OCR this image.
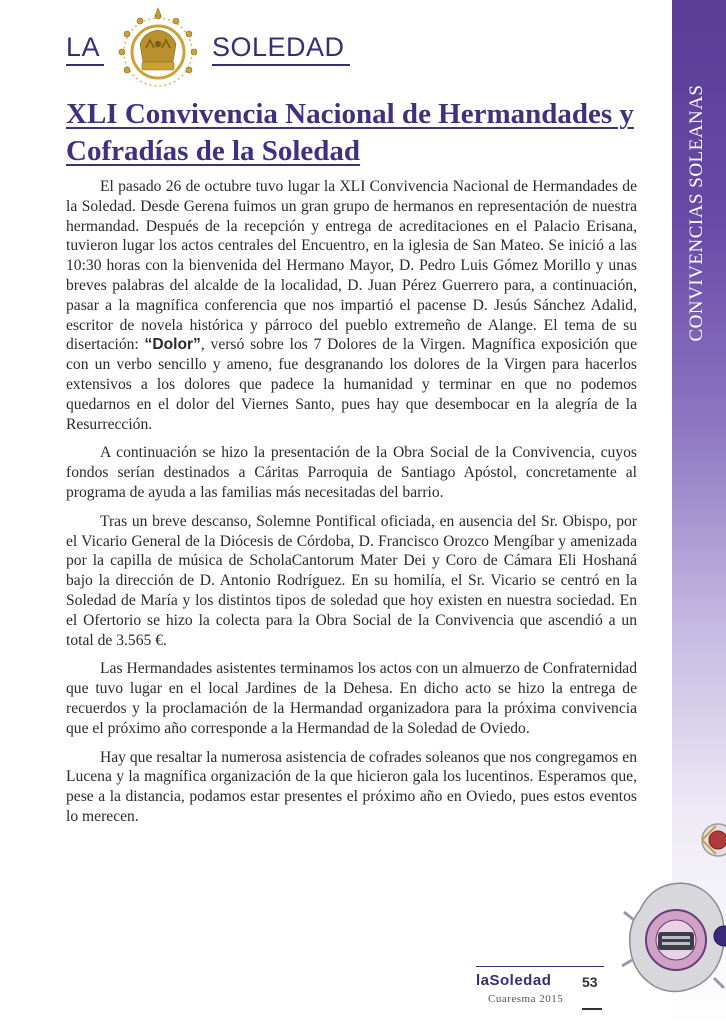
CONVIVENCIAS SOLEANAS
LA	SOLEDAD
XLI Convivencia Nacional de Hermandades y Cofradías de la Soledad

El pasado 26 de octubre tuvo lugar la XLI Convivencia Nacional de Hermandades de la Soledad. Desde Gerena fuimos un gran grupo de hermanos en representación de nuestra hermandad. Después de la recepción y entrega de acreditaciones en el Palacio Erisana, tuvieron lugar los actos centrales del Encuentro, en la iglesia de San Mateo. Se inició a las 10:30 horas con la bienvenida del Hermano Mayor, D. Pedro Luis Gómez Morillo y unas breves palabras del alcalde de la localidad, D. Juan Pérez Guerrero para, a continuación, pasar a la magnífica conferencia que nos impartió el pacense D. Jesús Sánchez Adalid, escritor de novela histórica y párroco del pueblo extremeño de Alange. El tema de su disertación: “Dolor”, versó sobre los 7 Dolores de la Virgen. Magnífica exposición que con un verbo sencillo y ameno, fue desgranando los dolores de la Virgen para hacerlos extensivos a los dolores que padece la humanidad y terminar en que no podemos quedarnos en el dolor del Viernes Santo, pues hay que desembocar en la alegría de la Resurrección.

A continuación se hizo la presentación de la Obra Social de la Convivencia, cuyos fondos serían destinados a Cáritas Parroquia de Santiago Apóstol, concretamente al programa de ayuda a las familias más necesitadas del barrio.

Tras un breve descanso, Solemne Pontifical oficiada, en ausencia del Sr. Obispo, por el Vicario General de la Diócesis de Córdoba, D. Francisco Orozco Mengíbar y amenizada por la capilla de música de ScholaCantorum Mater Dei y Coro de Cámara Eli Hoshaná bajo la dirección de D. Antonio Rodríguez. En su homilía, el Sr. Vicario se centró en la Soledad de María y los distintos tipos de soledad que hoy existen en nuestra sociedad. En el Ofertorio se hizo la colecta para la Obra Social de la Convivencia que ascendió a un total de 3.565 €.

Las Hermandades asistentes terminamos los actos con un almuerzo de Confraternidad que tuvo lugar en el local Jardines de la Dehesa. En dicho acto se hizo la entrega de recuerdos y la proclamación de la Hermandad organizadora para la próxima convivencia que el próximo año corresponde a la Hermandad de la Soledad de Oviedo.

Hay que resaltar la numerosa asistencia de cofrades soleanos que nos congregamos en Lucena y la magnífica organización de la que hicieron gala los lucentinos. Esperamos que, pese a la distancia, podamos estar presentes el próximo año en Oviedo, pues estos eventos lo merecen.

laSoledad
Cuaresma 2015
53
